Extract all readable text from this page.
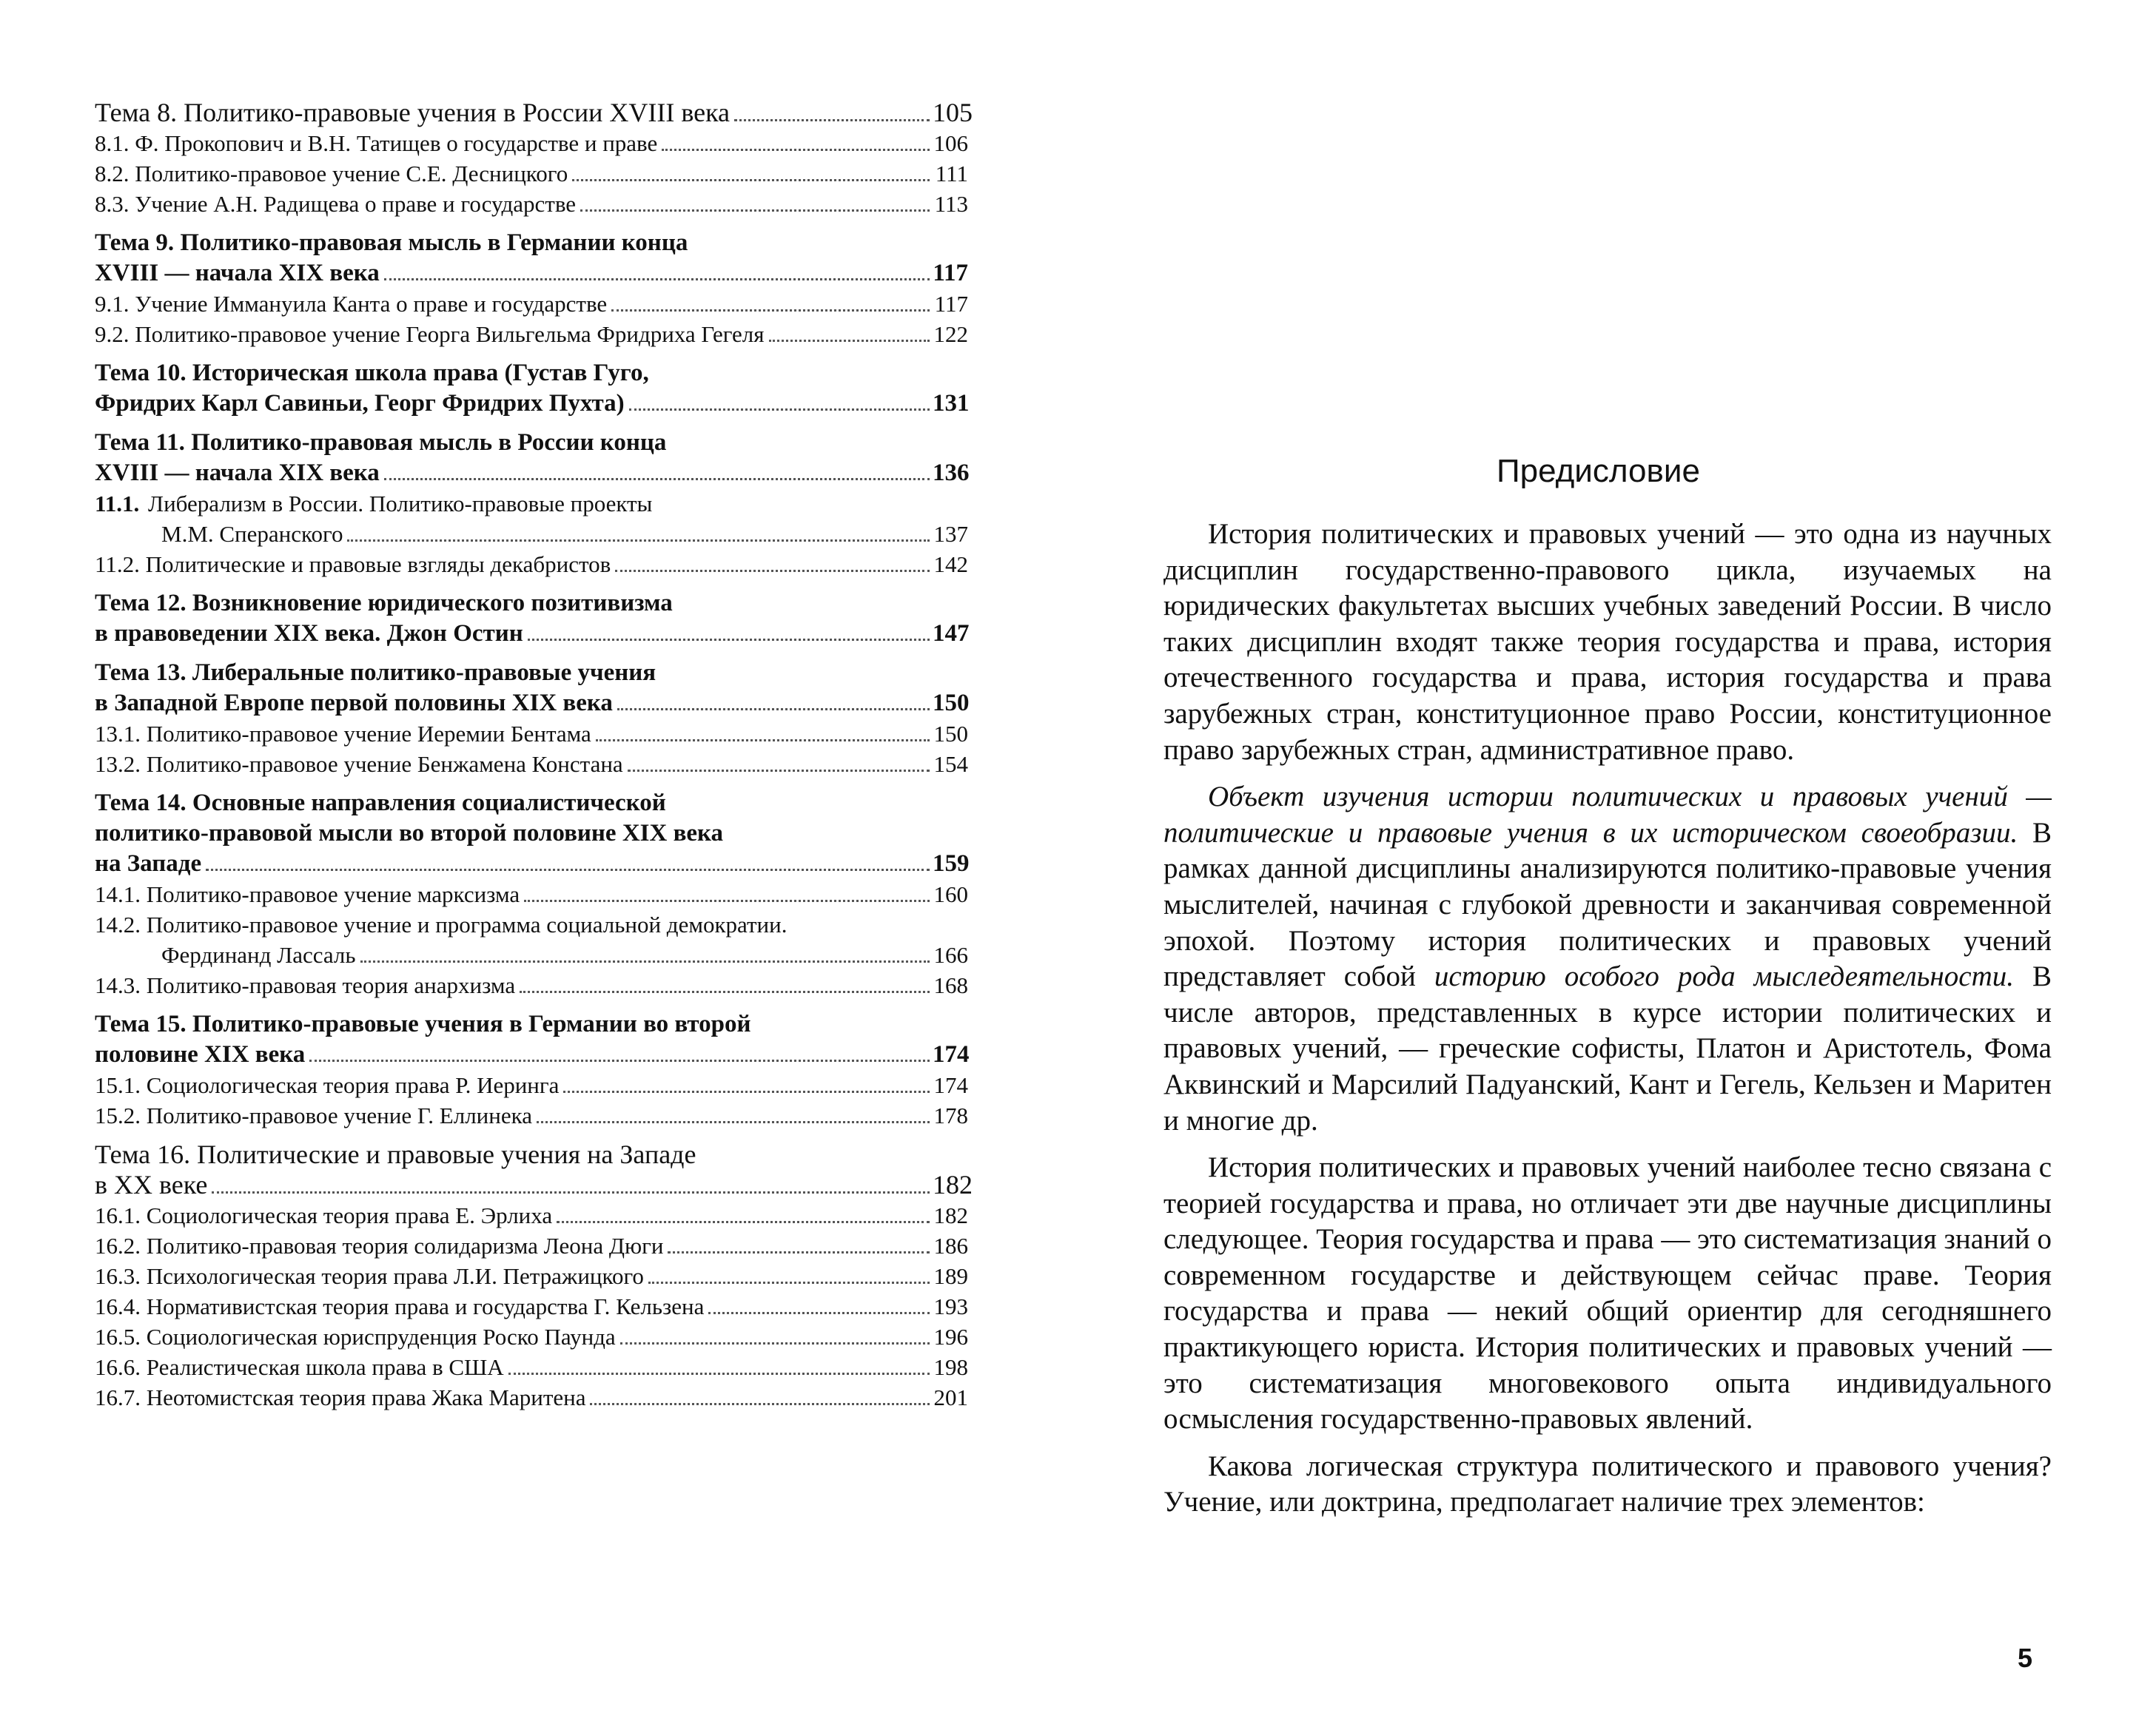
Тема 8. Политико-правовые учения в России XVIII века	105
8.1. Ф. Прокопович и В.Н. Татищев о государстве и праве	106
8.2. Политико-правовое учение С.Е. Десницкого	111
8.3. Учение А.Н. Радищева о праве и государстве	113
Тема 9. Политико-правовая мысль в Германии конца
XVIII — начала XIX века	117
9.1. Учение Иммануила Канта о праве и государстве	117
9.2. Политико-правовое учение Георга Вильгельма Фридриха Гегеля	122
Тема 10. Историческая школа права (Густав Гуго,
Фридрих Карл Савиньи, Георг Фридрих Пухта)	131
Тема 11. Политико-правовая мысль в России конца
XVIII — начала XIX века	136
11.1. Либерализм в России. Политико-правовые проекты
М.М. Сперанского	137
11.2. Политические и правовые взгляды декабристов	142
Тема 12. Возникновение юридического позитивизма
в правоведении XIX века. Джон Остин	147
Тема 13. Либеральные политико-правовые учения
в Западной Европе первой половины XIX века	150
13.1. Политико-правовое учение Иеремии Бентама	150
13.2. Политико-правовое учение Бенжамена Констана	154
Тема 14. Основные направления социалистической
политико-правовой мысли во второй половине XIX века
на Западе	159
14.1. Политико-правовое учение марксизма	160
14.2. Политико-правовое учение и программа социальной демократии.
Фердинанд Лассаль	166
14.3. Политико-правовая теория анархизма	168
Тема 15. Политико-правовые учения в Германии во второй
половине XIX века	174
15.1. Социологическая теория права Р. Иеринга	174
15.2. Политико-правовое учение Г. Еллинека	178
Тема 16. Политические и правовые учения на Западе
в XX веке	182
16.1. Социологическая теория права Е. Эрлиха	182
16.2. Политико-правовая теория солидаризма Леона Дюги	186
16.3. Психологическая теория права Л.И. Петражицкого	189
16.4. Нормативистская теория права и государства Г. Кельзена	193
16.5. Социологическая юриспруденция Роско Паунда	196
16.6. Реалистическая школа права в США	198
16.7. Неотомистская теория права Жака Маритена	201
Предисловие

История политических и правовых учений — это одна из научных дисциплин государственно-правового цикла, изучаемых на юридических факультетах высших учебных заведений России. В число таких дисциплин входят также теория государства и права, история отечественного государства и права, история государства и права зарубежных стран, конституционное право России, конституционное право зарубежных стран, административное право.

Объект изучения истории политических и правовых учений — политические и правовые учения в их историческом своеобразии. В рамках данной дисциплины анализируются политико-правовые учения мыслителей, начиная с глубокой древности и заканчивая современной эпохой. Поэтому история политических и правовых учений представляет собой историю особого рода мыследеятельности. В числе авторов, представленных в курсе истории политических и правовых учений, — греческие софисты, Платон и Аристотель, Фома Аквинский и Марсилий Падуанский, Кант и Гегель, Кельзен и Маритен и многие др.

История политических и правовых учений наиболее тесно связана с теорией государства и права, но отличает эти две научные дисциплины следующее. Теория государства и права — это систематизация знаний о современном государстве и действующем сейчас праве. Теория государства и права — некий общий ориентир для сегодняшнего практикующего юриста. История политических и правовых учений — это систематизация многовекового опыта индивидуального осмысления государственно-правовых явлений.

Какова логическая структура политического и правового учения? Учение, или доктрина, предполагает наличие трех элементов:

5
